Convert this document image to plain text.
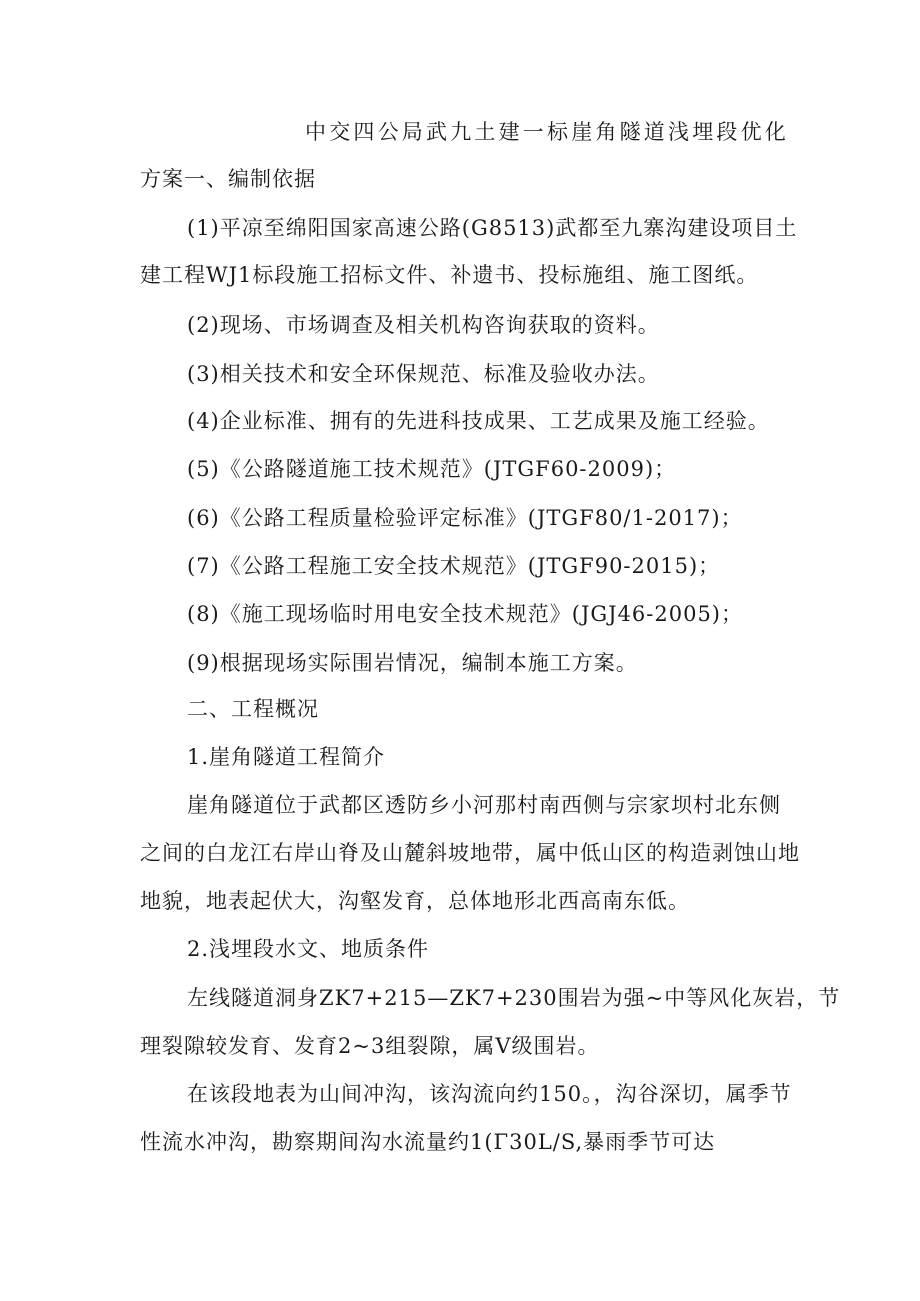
中交四公局武九土建一标崖角隧道浅埋段优化
方案一、编制依据
(1)平凉至绵阳国家高速公路(G8513)武都至九寨沟建设项目土
建工程WJ1标段施工招标文件、补遗书、投标施组、施工图纸。
(2)现场、市场调查及相关机构咨询获取的资料。
(3)相关技术和安全环保规范、标准及验收办法。
(4)企业标准、拥有的先进科技成果、工艺成果及施工经验。
(5)《公路隧道施工技术规范》(JTGF60-2009)；
(6)《公路工程质量检验评定标准》(JTGF80/1-2017)；
(7)《公路工程施工安全技术规范》(JTGF90-2015)；
(8)《施工现场临时用电安全技术规范》(JGJ46-2005)；
(9)根据现场实际围岩情况，编制本施工方案。
二、工程概况
1.崖角隧道工程简介
崖角隧道位于武都区透防乡小河那村南西侧与宗家坝村北东侧
之间的白龙江右岸山脊及山麓斜坡地带，属中低山区的构造剥蚀山地
地貌，地表起伏大，沟壑发育，总体地形北西高南东低。
2.浅埋段水文、地质条件
左线隧道洞身ZK7+215—ZK7+230围岩为强~中等风化灰岩，节
理裂隙较发育、发育2~3组裂隙，属V级围岩。
在该段地表为山间冲沟，该沟流向约150。，沟谷深切，属季节
性流水冲沟，勘察期间沟水流量约1(Γ30L/S,暴雨季节可达
